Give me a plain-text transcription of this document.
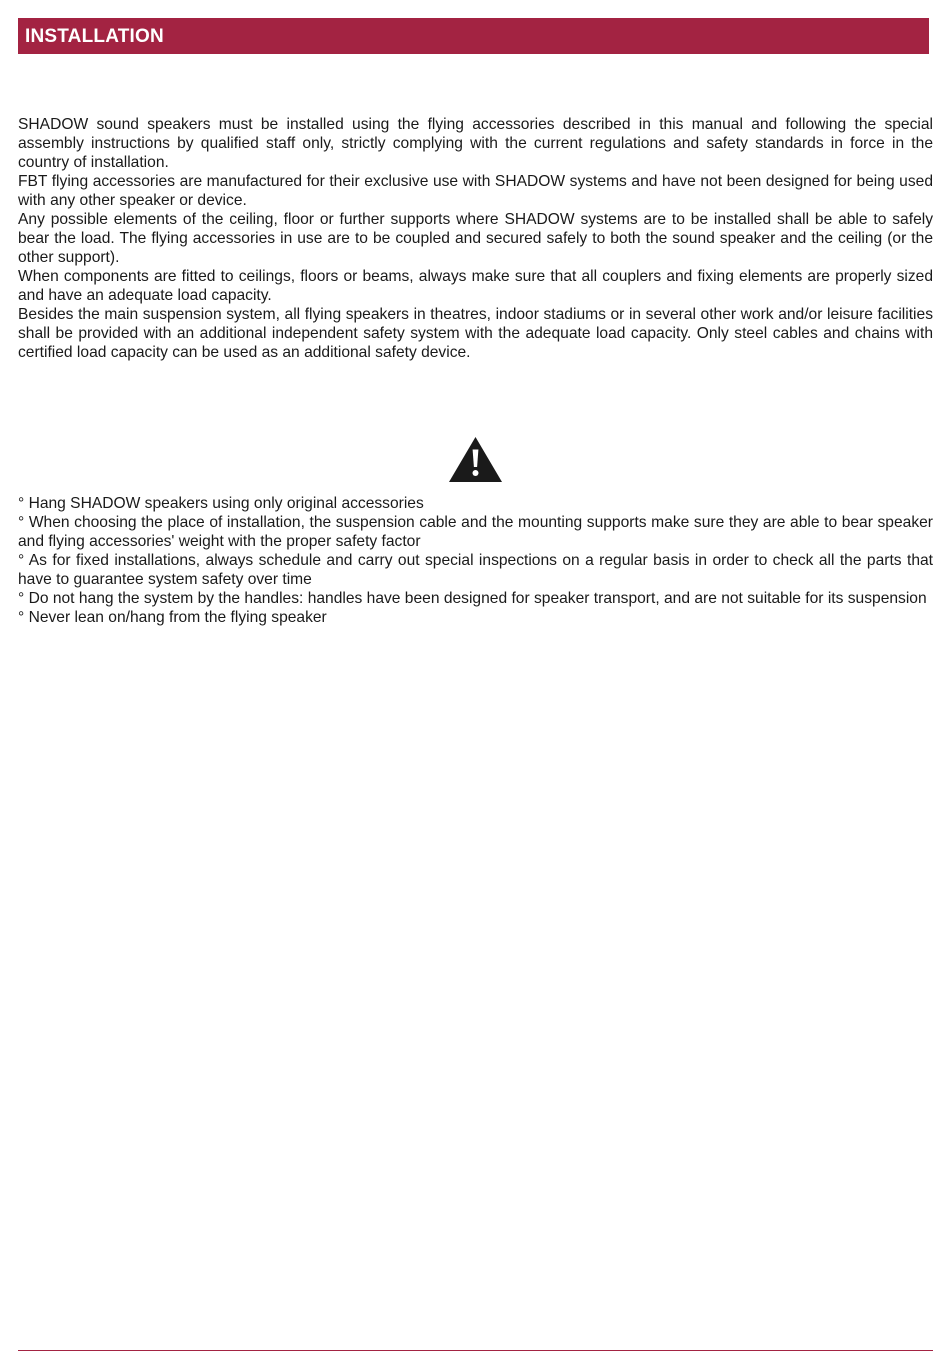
INSTALLATION

SHADOW sound speakers must be installed using the flying accessories described in this manual and following the special assembly instructions by qualified staff only, strictly complying with the current regulations and safety standards in force in the country of installation.

FBT flying accessories are manufactured for their exclusive use with SHADOW systems and have not been designed for being used with any other speaker or device.

Any possible elements of the ceiling, floor or further supports where SHADOW systems are to be installed shall be able to safely bear the load. The flying accessories in use are to be coupled and secured safely to both the sound speaker and the ceiling (or the other support).

When components are fitted to ceilings, floors or beams, always make sure that all couplers and fixing elements are properly sized and have an adequate load capacity.

Besides the main suspension system, all flying speakers in theatres, indoor stadiums or in several other work and/or leisure facilities shall be provided with an additional independent safety system with the adequate load capacity. Only steel cables and chains with certified load capacity can be used as an additional safety device.

° Hang SHADOW speakers using only original accessories

° When choosing the place of installation, the suspension cable and the mounting supports make sure they are able to bear speaker and flying accessories' weight with the proper safety factor

° As for fixed installations, always schedule and carry out special inspections on a regular basis in order to check all the parts that have to guarantee system safety over time

° Do not hang the system by the handles: handles have been designed for speaker transport, and are not suitable for its suspension

° Never lean on/hang from the flying speaker
